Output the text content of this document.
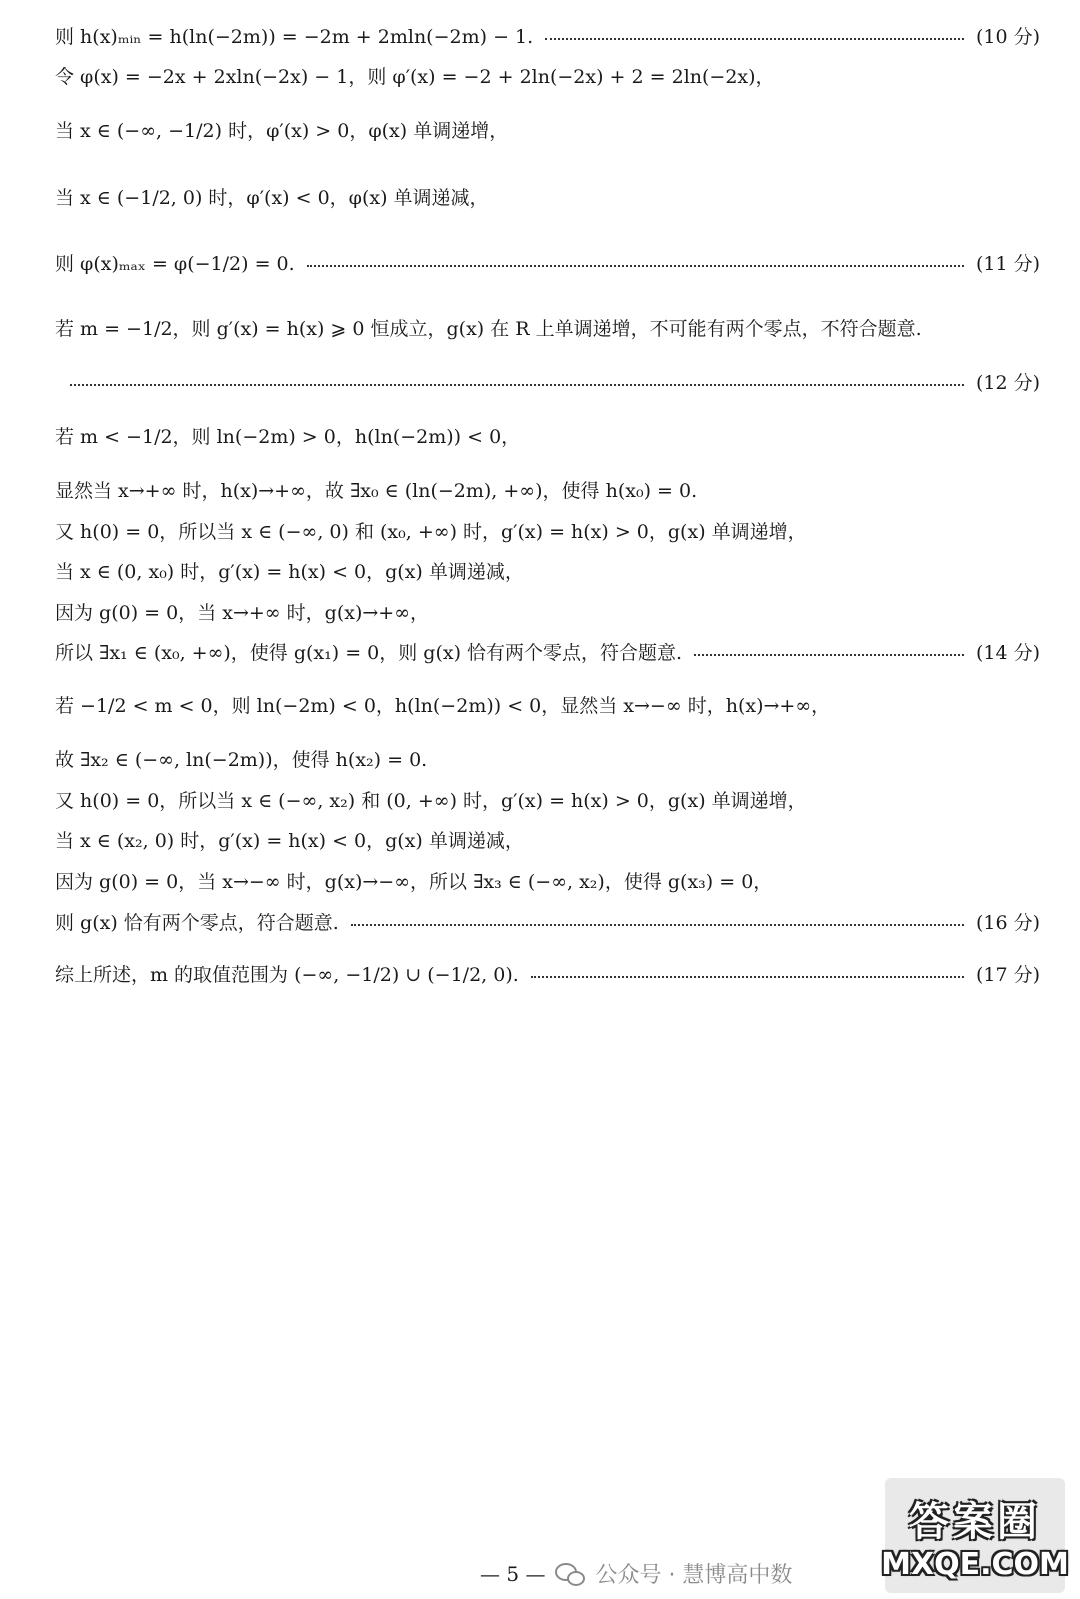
则 h(x)ₘᵢₙ = h(ln(−2m)) = −2m + 2mln(−2m) − 1.	(10 分)
令 φ(x) = −2x + 2xln(−2x) − 1，则 φ′(x) = −2 + 2ln(−2x) + 2 = 2ln(−2x)，
当 x ∈ (−∞, −1/2) 时，φ′(x) > 0，φ(x) 单调递增，
当 x ∈ (−1/2, 0) 时，φ′(x) < 0，φ(x) 单调递减，
则 φ(x)ₘₐₓ = φ(−1/2) = 0.	(11 分)
若 m = −1/2，则 g′(x) = h(x) ⩾ 0 恒成立，g(x) 在 R 上单调递增，不可能有两个零点，不符合题意.
(12 分)
若 m < −1/2，则 ln(−2m) > 0，h(ln(−2m)) < 0，
显然当 x→+∞ 时，h(x)→+∞，故 ∃x₀ ∈ (ln(−2m), +∞)，使得 h(x₀) = 0.
又 h(0) = 0，所以当 x ∈ (−∞, 0) 和 (x₀, +∞) 时，g′(x) = h(x) > 0，g(x) 单调递增，
当 x ∈ (0, x₀) 时，g′(x) = h(x) < 0，g(x) 单调递减，
因为 g(0) = 0，当 x→+∞ 时，g(x)→+∞，
所以 ∃x₁ ∈ (x₀, +∞)，使得 g(x₁) = 0，则 g(x) 恰有两个零点，符合题意.	(14 分)
若 −1/2 < m < 0，则 ln(−2m) < 0，h(ln(−2m)) < 0，显然当 x→−∞ 时，h(x)→+∞，
故 ∃x₂ ∈ (−∞, ln(−2m))，使得 h(x₂) = 0.
又 h(0) = 0，所以当 x ∈ (−∞, x₂) 和 (0, +∞) 时，g′(x) = h(x) > 0，g(x) 单调递增，
当 x ∈ (x₂, 0) 时，g′(x) = h(x) < 0，g(x) 单调递减，
因为 g(0) = 0，当 x→−∞ 时，g(x)→−∞，所以 ∃x₃ ∈ (−∞, x₂)，使得 g(x₃) = 0，
则 g(x) 恰有两个零点，符合题意.	(16 分)
综上所述，m 的取值范围为 (−∞, −1/2) ∪ (−1/2, 0).	(17 分)
— 5 — 公众号 · 慧博高中数
答案圈
MXQE.COM
